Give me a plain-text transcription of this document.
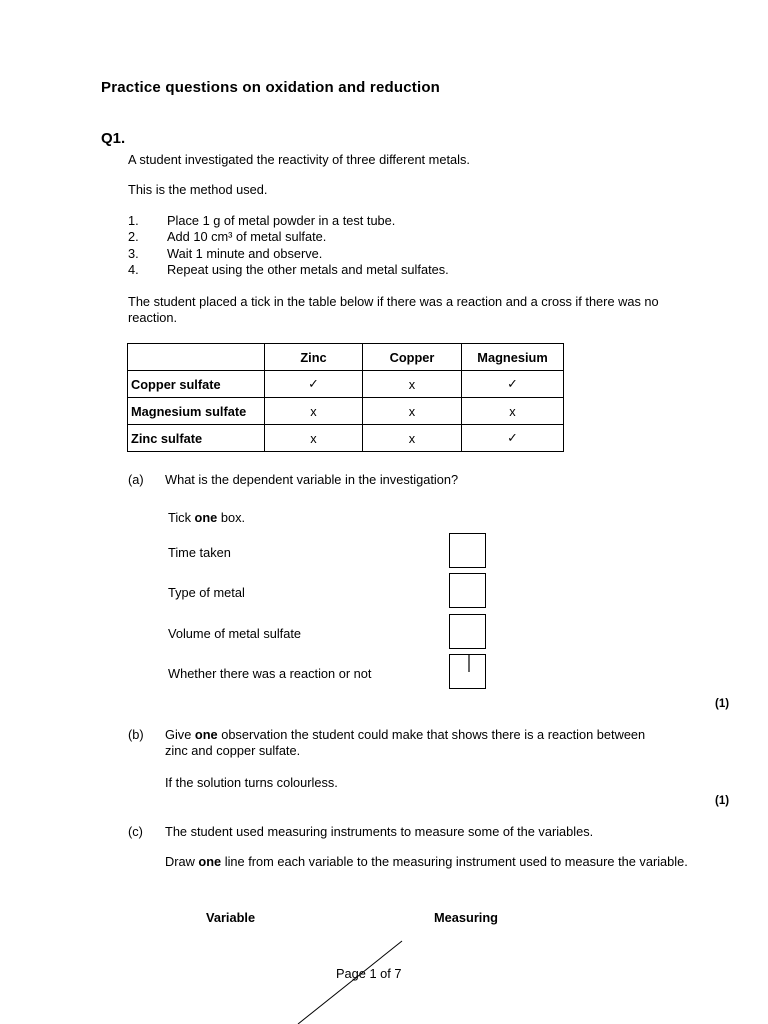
Practice questions on oxidation and reduction
Q1.
A student investigated the reactivity of three different metals.
This is the method used.
1.	Place 1 g of metal powder in a test tube.
2.	Add 10 cm³ of metal sulfate.
3.	Wait 1 minute and observe.
4.	Repeat using the other metals and metal sulfates.
The student placed a tick in the table below if there was a reaction and a cross if there was no reaction.
	Zinc	Copper	Magnesium
Copper sulfate	✓	x	✓
Magnesium sulfate	x	x	x
Zinc sulfate	x	x	✓
(a) What is the dependent variable in the investigation?
Tick one box.
Time taken
Type of metal
Volume of metal sulfate
Whether there was a reaction or not
(1)
(b) Give one observation the student could make that shows there is a reaction between zinc and copper sulfate.
If the solution turns colourless.
(1)
(c) The student used measuring instruments to measure some of the variables.
Draw one line from each variable to the measuring instrument used to measure the variable.
Variable	Measuring
Page 1 of 7
